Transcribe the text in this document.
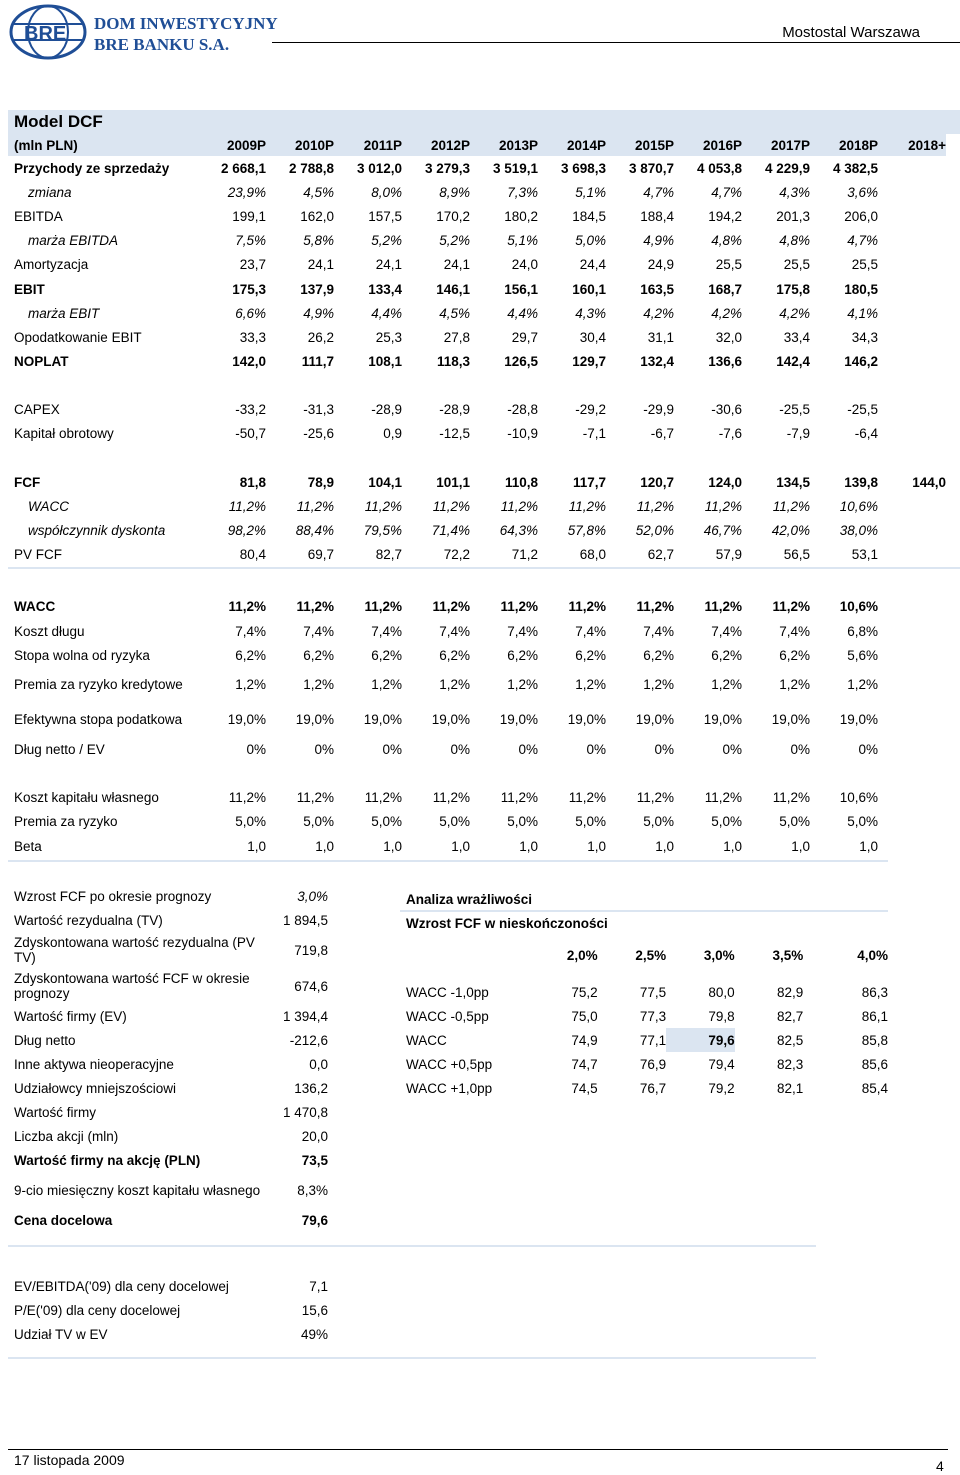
BRE DOM INWESTYCYJNY
BRE BANKU S.A.
Mostostal Warszawa
Model DCF
(mln PLN)	2009P	2010P	2011P	2012P	2013P	2014P	2015P	2016P	2017P	2018P	2018+
Przychody ze sprzedaży	2 668,1	2 788,8	3 012,0	3 279,3	3 519,1	3 698,3	3 870,7	4 053,8	4 229,9	4 382,5	
zmiana	23,9%	4,5%	8,0%	8,9%	7,3%	5,1%	4,7%	4,7%	4,3%	3,6%	
EBITDA	199,1	162,0	157,5	170,2	180,2	184,5	188,4	194,2	201,3	206,0	
marża EBITDA	7,5%	5,8%	5,2%	5,2%	5,1%	5,0%	4,9%	4,8%	4,8%	4,7%	
Amortyzacja	23,7	24,1	24,1	24,1	24,0	24,4	24,9	25,5	25,5	25,5	
EBIT	175,3	137,9	133,4	146,1	156,1	160,1	163,5	168,7	175,8	180,5	
marża EBIT	6,6%	4,9%	4,4%	4,5%	4,4%	4,3%	4,2%	4,2%	4,2%	4,1%	
Opodatkowanie EBIT	33,3	26,2	25,3	27,8	29,7	30,4	31,1	32,0	33,4	34,3	
NOPLAT	142,0	111,7	108,1	118,3	126,5	129,7	132,4	136,6	142,4	146,2	

CAPEX	-33,2	-31,3	-28,9	-28,9	-28,8	-29,2	-29,9	-30,6	-25,5	-25,5	
Kapitał obrotowy	-50,7	-25,6	0,9	-12,5	-10,9	-7,1	-6,7	-7,6	-7,9	-6,4	

FCF	81,8	78,9	104,1	101,1	110,8	117,7	120,7	124,0	134,5	139,8	144,0
WACC	11,2%	11,2%	11,2%	11,2%	11,2%	11,2%	11,2%	11,2%	11,2%	10,6%	
współczynnik dyskonta	98,2%	88,4%	79,5%	71,4%	64,3%	57,8%	52,0%	46,7%	42,0%	38,0%	
PV FCF	80,4	69,7	82,7	72,2	71,2	68,0	62,7	57,9	56,5	53,1	

WACC	11,2%	11,2%	11,2%	11,2%	11,2%	11,2%	11,2%	11,2%	11,2%	10,6%	
Koszt długu	7,4%	7,4%	7,4%	7,4%	7,4%	7,4%	7,4%	7,4%	7,4%	6,8%	
Stopa wolna od ryzyka	6,2%	6,2%	6,2%	6,2%	6,2%	6,2%	6,2%	6,2%	6,2%	5,6%	
Premia za ryzyko kredytowe	1,2%	1,2%	1,2%	1,2%	1,2%	1,2%	1,2%	1,2%	1,2%	1,2%	
Efektywna stopa podatkowa	19,0%	19,0%	19,0%	19,0%	19,0%	19,0%	19,0%	19,0%	19,0%	19,0%	
Dług netto / EV	0%	0%	0%	0%	0%	0%	0%	0%	0%	0%	

Koszt kapitału własnego	11,2%	11,2%	11,2%	11,2%	11,2%	11,2%	11,2%	11,2%	11,2%	10,6%	
Premia za ryzyko	5,0%	5,0%	5,0%	5,0%	5,0%	5,0%	5,0%	5,0%	5,0%	5,0%	
Beta	1,0	1,0	1,0	1,0	1,0	1,0	1,0	1,0	1,0	1,0	
Wzrost FCF po okresie prognozy	3,0%
Wartość rezydualna (TV)	1 894,5
Zdyskontowana wartość rezydualna (PV TV)	719,8
Zdyskontowana wartość FCF w okresie prognozy	674,6
Wartość firmy (EV)	1 394,4
Dług netto	-212,6
Inne aktywa nieoperacyjne	0,0
Udziałowcy mniejszościowi	136,2
Wartość firmy	1 470,8
Liczba akcji (mln)	20,0
Wartość firmy na akcję (PLN)	73,5
9-cio miesięczny koszt kapitału własnego	8,3%
Cena docelowa	79,6
Analiza wrażliwości
Wzrost FCF w nieskończoności
	2,0%	2,5%	3,0%	3,5%	4,0%

WACC -1,0pp	75,2	77,5	80,0	82,9	86,3
WACC -0,5pp	75,0	77,3	79,8	82,7	86,1
WACC	74,9	77,1	79,6	82,5	85,8
WACC +0,5pp	74,7	76,9	79,4	82,3	85,6
WACC +1,0pp	74,5	76,7	79,2	82,1	85,4
EV/EBITDA('09) dla ceny docelowej	7,1
P/E('09) dla ceny docelowej	15,6
Udział TV w EV	49%
17 listopada 2009	4
